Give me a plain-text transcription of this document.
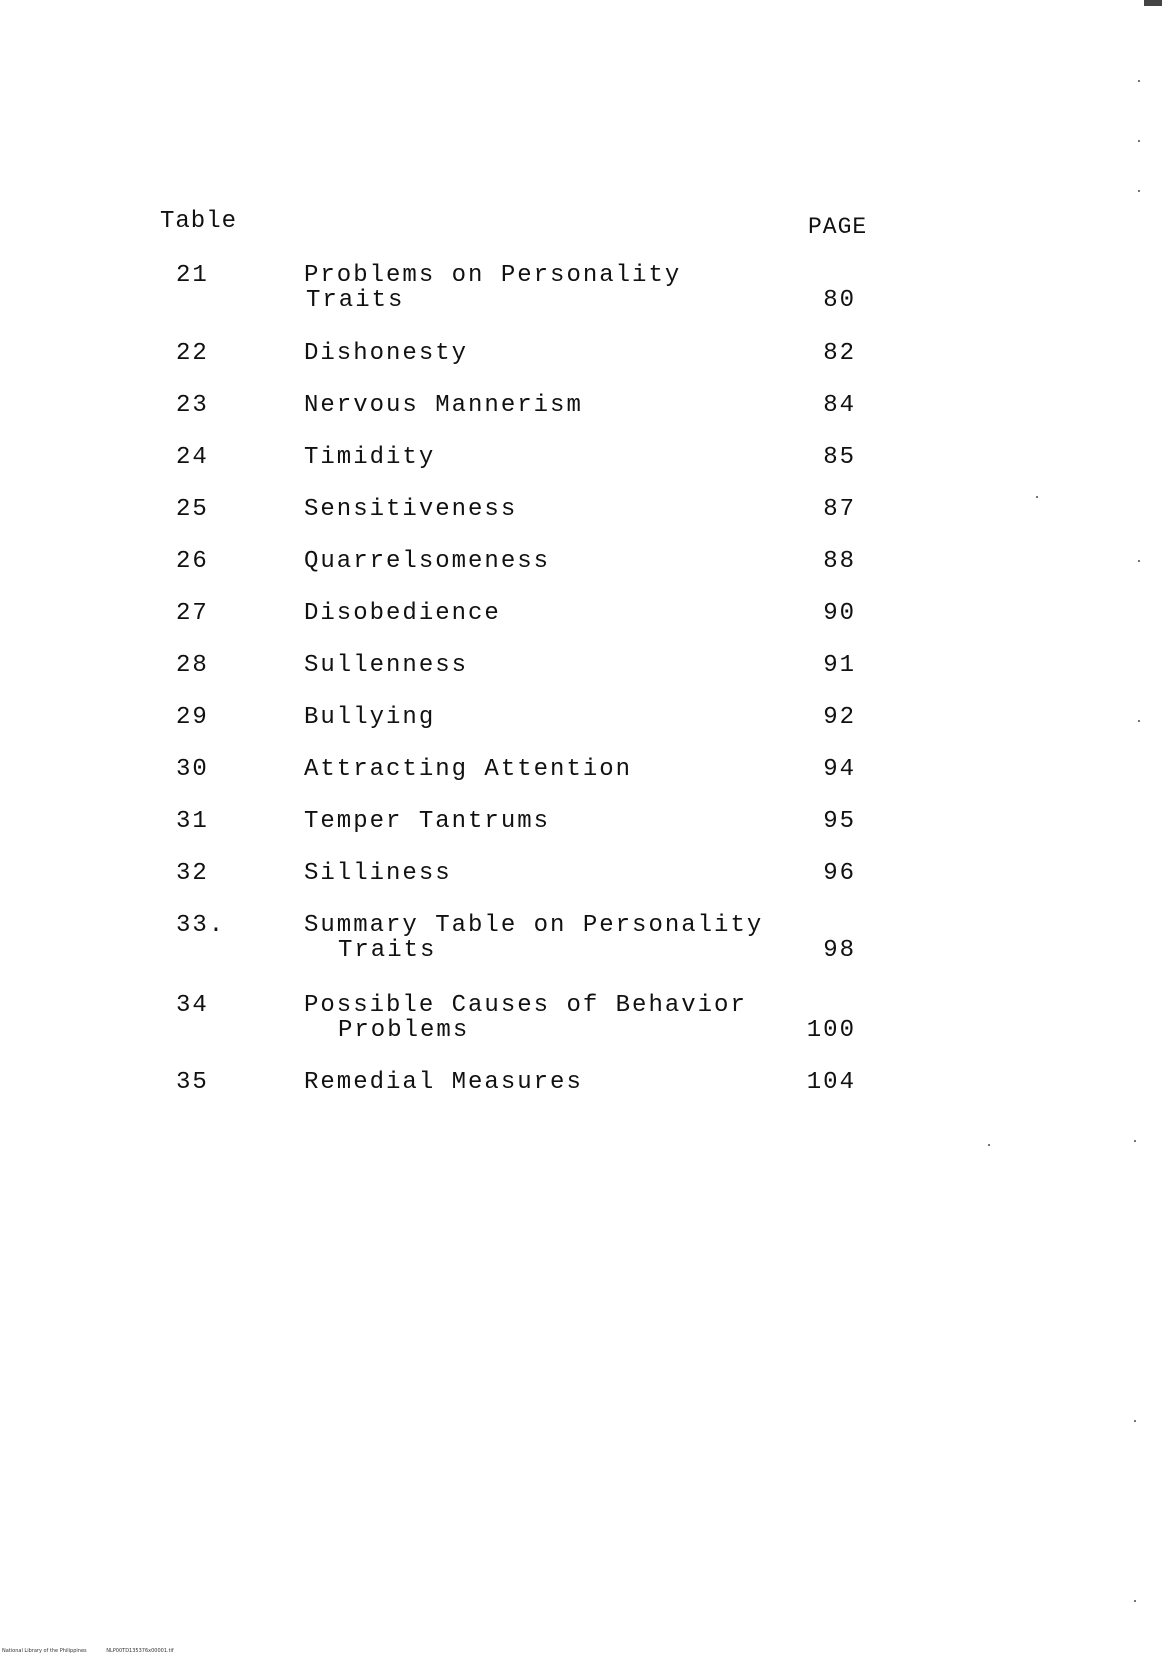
Table	PAGE
21	Problems on Personality
Traits	80
22	Dishonesty	82
23	Nervous Mannerism	84
24	Timidity	85
25	Sensitiveness	87
26	Quarrelsomeness	88
27	Disobedience	90
28	Sullenness	91
29	Bullying	92
30	Attracting Attention	94
31	Temper Tantrums	95
32	Silliness	96
33.	Summary Table on Personality
Traits	98
34	Possible Causes of Behavior
Problems	100
35	Remedial Measures	104
National Library of the Philippines	NLP00TD135376x00001.tif
